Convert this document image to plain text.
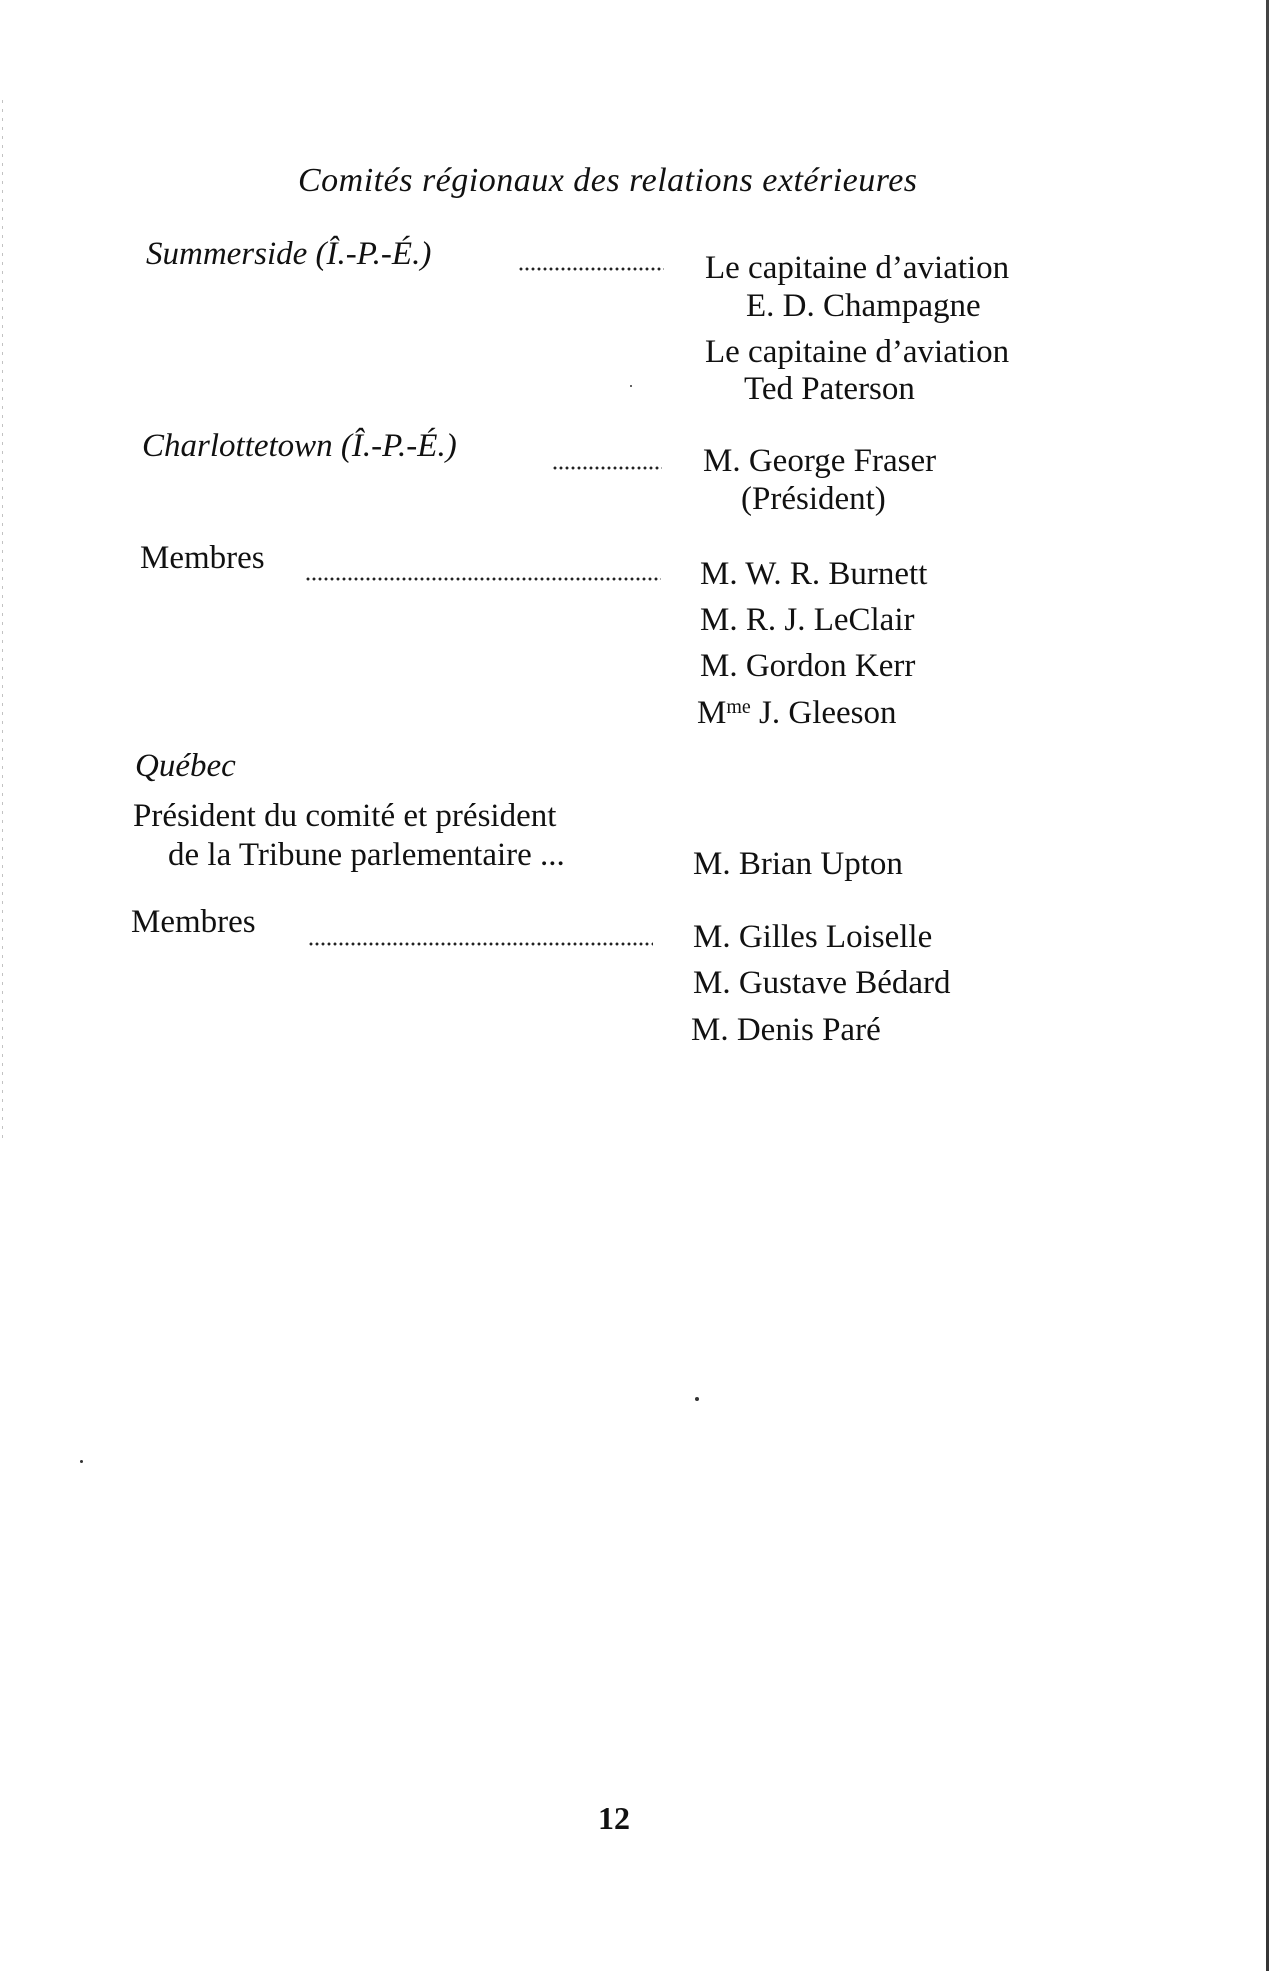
Comités régionaux des relations extérieures
Summerside (Î.-P.-É.)	Le capitaine d’aviation
E. D. Champagne
Le capitaine d’aviation
Ted Paterson
Charlottetown (Î.-P.-É.)	M. George Fraser
(Président)
Membres	M. W. R. Burnett
M. R. J. LeClair
M. Gordon Kerr
$M^{me}$ J. Gleeson
Québec
Président du comité et président
de la Tribune parlementaire ...	M. Brian Upton
Membres	M. Gilles Loiselle
M. Gustave Bédard
M. Denis Paré
12
